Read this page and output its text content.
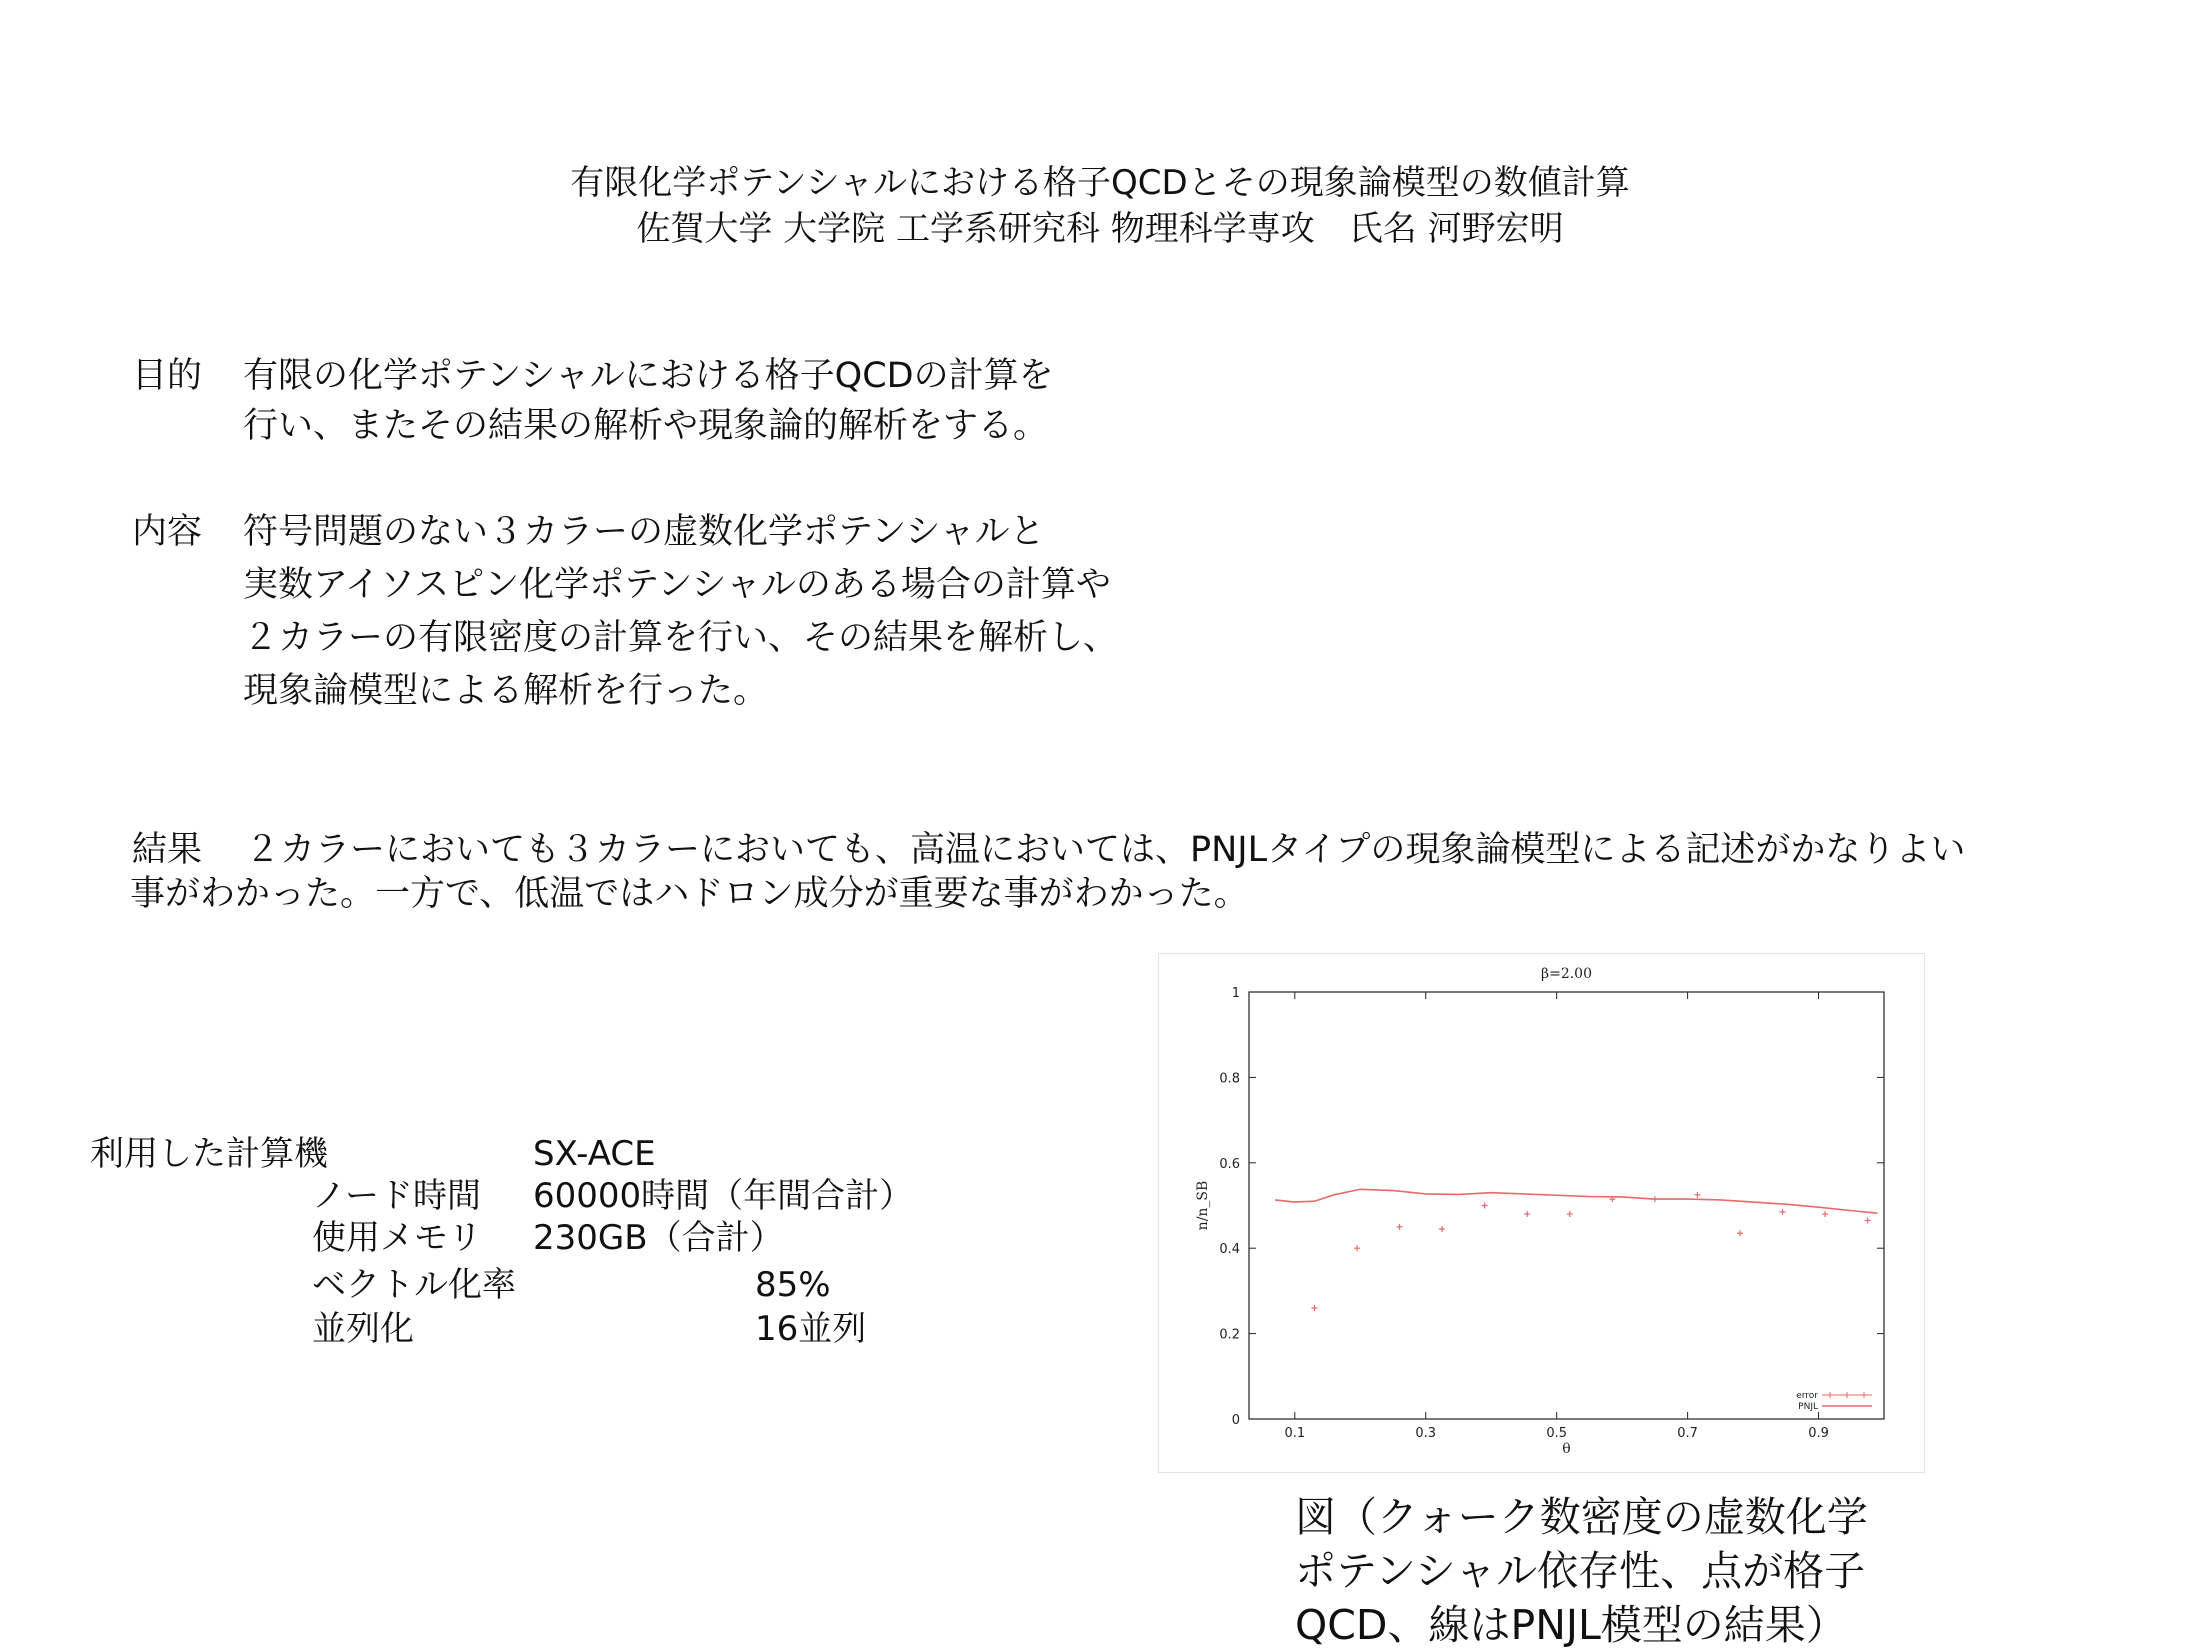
有限化学ポテンシャルにおける格子QCDとその現象論模型の数値計算
佐賀大学 大学院 工学系研究科 物理科学専攻　氏名 河野宏明
目的 有限の化学ポテンシャルにおける格子QCDの計算を
行い、またその結果の解析や現象論的解析をする。
内容 符号問題のない３カラーの虚数化学ポテンシャルと
実数アイソスピン化学ポテンシャルのある場合の計算や
２カラーの有限密度の計算を行い、その結果を解析し、
現象論模型による解析を行った。
結果 ２カラーにおいても３カラーにおいても、高温においては、PNJLタイプの現象論模型による記述がかなりよい
事がわかった。一方で、低温ではハドロン成分が重要な事がわかった。
利用した計算機	SX-ACE
ノード時間 60000時間（年間合計）
使用メモリ 230GB（合計）
ベクトル化率	85%
並列化	16並列
0.1	0.3	0.5	0.7	0.9
0
0.2
0.4
0.6
0.8
1
β=2.00
θ
n/n_SB
error
PNJL
図（クォーク数密度の虚数化学
ポテンシャル依存性、点が格子
QCD、線はPNJL模型の結果）
